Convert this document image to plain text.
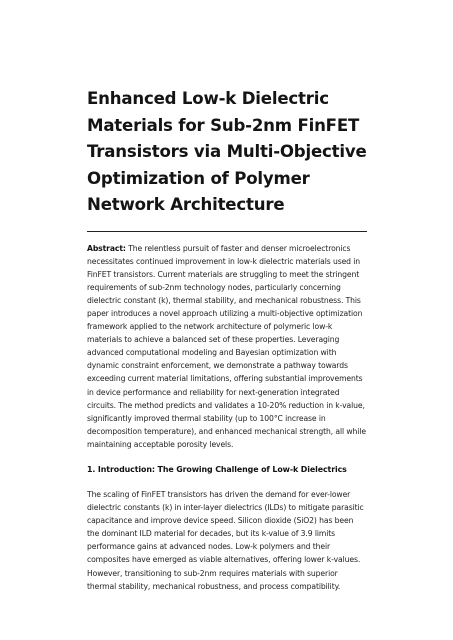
Enhanced Low-k Dielectric Materials for Sub-2nm FinFET Transistors via Multi-Objective Optimization of Polymer Network Architecture

Abstract: The relentless pursuit of faster and denser microelectronics necessitates continued improvement in low-k dielectric materials used in FinFET transistors. Current materials are struggling to meet the stringent requirements of sub-2nm technology nodes, particularly concerning dielectric constant (k), thermal stability, and mechanical robustness. This paper introduces a novel approach utilizing a multi-objective optimization framework applied to the network architecture of polymeric low-k materials to achieve a balanced set of these properties. Leveraging advanced computational modeling and Bayesian optimization with dynamic constraint enforcement, we demonstrate a pathway towards exceeding current material limitations, offering substantial improvements in device performance and reliability for next-generation integrated circuits. The method predicts and validates a 10-20% reduction in k-value, significantly improved thermal stability (up to 100°C increase in decomposition temperature), and enhanced mechanical strength, all while maintaining acceptable porosity levels.

1. Introduction: The Growing Challenge of Low-k Dielectrics

The scaling of FinFET transistors has driven the demand for ever-lower dielectric constants (k) in inter-layer dielectrics (ILDs) to mitigate parasitic capacitance and improve device speed. Silicon dioxide (SiO2) has been the dominant ILD material for decades, but its k-value of 3.9 limits performance gains at advanced nodes. Low-k polymers and their composites have emerged as viable alternatives, offering lower k-values. However, transitioning to sub-2nm requires materials with superior thermal stability, mechanical robustness, and process compatibility.
